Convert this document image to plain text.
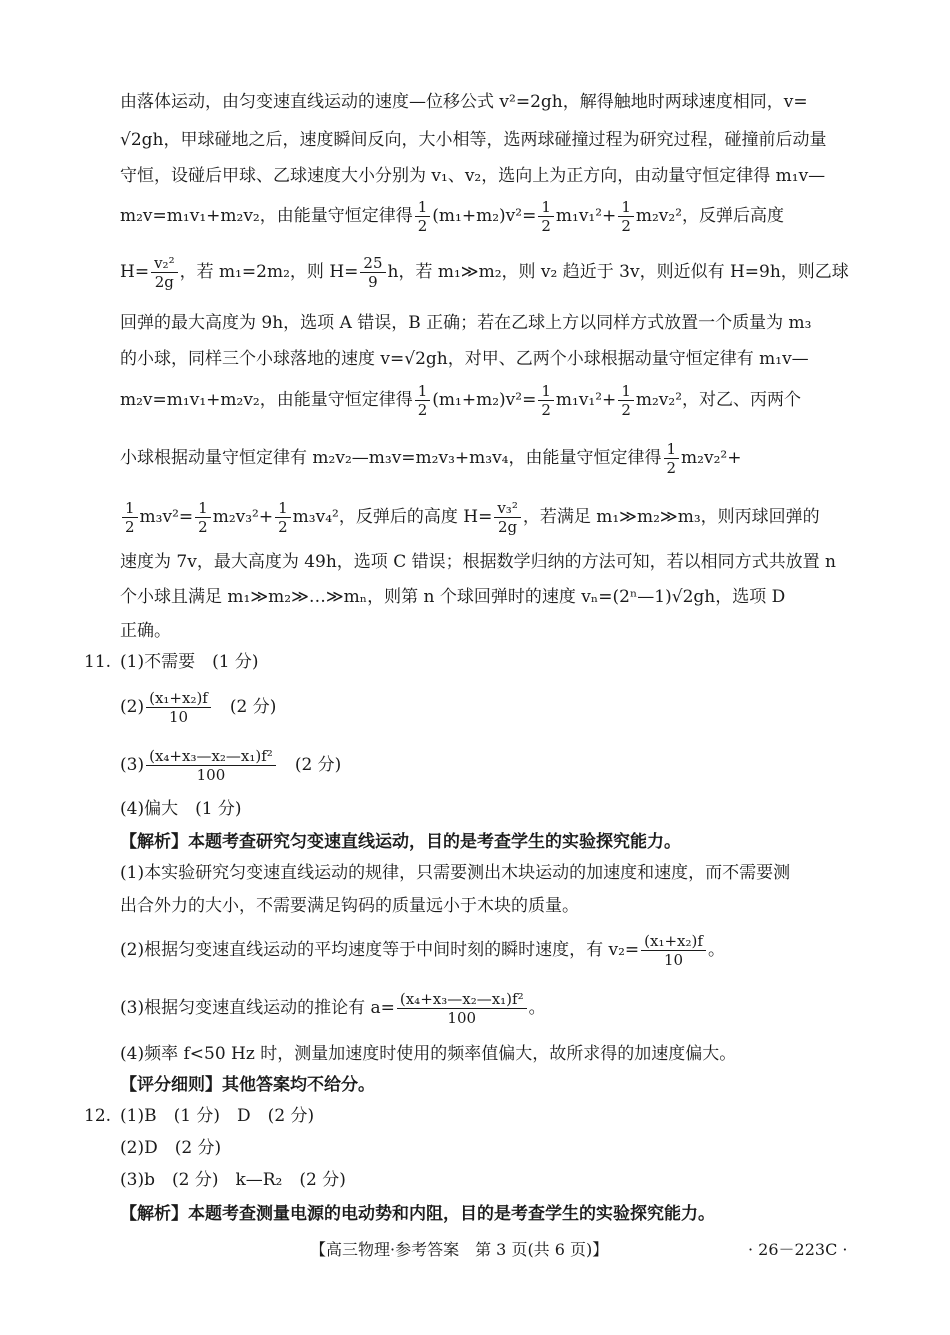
由落体运动，由匀变速直线运动的速度—位移公式 v²=2gh，解得触地时两球速度相同，v=
√2gh，甲球碰地之后，速度瞬间反向，大小相等，选两球碰撞过程为研究过程，碰撞前后动量
守恒，设碰后甲球、乙球速度大小分别为 v₁、v₂，选向上为正方向，由动量守恒定律得 m₁v—
m₂v=m₁v₁+m₂v₂，由能量守恒定律得 $\frac{1}{2} (m_1+m_2)v^2= \frac{1}{2} m_1v_1^2+ \frac{1}{2} m_2v_2^2$，反弹后高度
$H= \frac{\text{v₂²}}{2g}$ ，若 m₁=2m₂，则 $H= \frac{25}{9}$ h，若 m₁≫m₂，则 v₂ 趋近于 3v，则近似有 H=9h，则乙球
回弹的最大高度为 9h，选项 A 错误，B 正确；若在乙球上方以同样方式放置一个质量为 m₃
的小球，同样三个小球落地的速度 v=√2gh，对甲、乙两个小球根据动量守恒定律有 m₁v—
m₂v=m₁v₁+m₂v₂，由能量守恒定律得 $\frac{1}{2} (m_1+m_2)v^2= \frac{1}{2} m_1v_1^2+ \frac{1}{2} m_2v_2^2$，对乙、丙两个
小球根据动量守恒定律有 m₂v₂—m₃v=m₂v₃+m₃v₄，由能量守恒定律得 $\frac{1}{2} m_2v_2^2+$
$\frac{1}{2} m_3v^2= \frac{1}{2} m_2v_3^2+ \frac{1}{2} m_3v_4^2$，反弹后的高度 $H= \frac{\text{v₃²}}{2g}$ ，若满足 m₁≫m₂≫m₃，则丙球回弹的
速度为 7v，最大高度为 49h，选项 C 错误；根据数学归纳的方法可知，若以相同方式共放置 n
个小球且满足 m₁≫m₂≫…≫mₙ，则第 n 个球回弹时的速度 vₙ=(2ⁿ—1)√2gh，选项 D
正确。
11. (1)不需要　(1 分)
$(2) \frac{\text{(x₁+x₂)f}}{10}$
　 (2 分)
$(3) \frac{\text{(x₄+x₃—x₂—x₁)f²}}{100}$
　 (2 分)
(4)偏大　(1 分)
【解析】本题考查研究匀变速直线运动，目的是考查学生的实验探究能力。
(1)本实验研究匀变速直线运动的规律，只需要测出木块运动的加速度和速度，而不需要测
出合外力的大小，不需要满足钩码的质量远小于木块的质量。
(2)根据匀变速直线运动的平均速度等于中间时刻的瞬时速度，有 $v_2= \frac{\text{(x₁+x₂)f}}{10}$ 。
(3)根据匀变速直线运动的推论有 $a= \frac{\text{(x₄+x₃—x₂—x₁)f²}}{100}$ 。
(4)频率 f<50 Hz 时，测量加速度时使用的频率值偏大，故所求得的加速度偏大。
【评分细则】其他答案均不给分。
12. (1)B　(1 分)　D　(2 分)
(2)D　(2 分)
(3)b　(2 分)　k—R₂　(2 分)
【解析】本题考查测量电源的电动势和内阻，目的是考查学生的实验探究能力。
【高三物理·参考答案　第 3 页(共 6 页)】	· 26－223C ·
